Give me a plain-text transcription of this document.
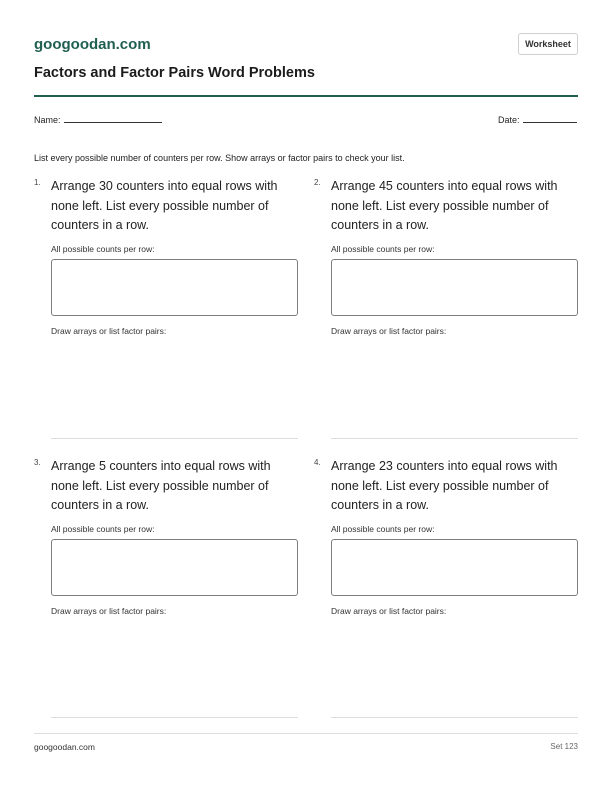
googoodan.com	Worksheet
Factors and Factor Pairs Word Problems
Name:	Date:
List every possible number of counters per row. Show arrays or factor pairs to check your list.
1. Arrange 30 counters into equal rows with none left. List every possible number of counters in a row.
All possible counts per row:
Draw arrays or list factor pairs:
2. Arrange 45 counters into equal rows with none left. List every possible number of counters in a row.
All possible counts per row:
Draw arrays or list factor pairs:
3. Arrange 5 counters into equal rows with none left. List every possible number of counters in a row.
All possible counts per row:
Draw arrays or list factor pairs:
4. Arrange 23 counters into equal rows with none left. List every possible number of counters in a row.
All possible counts per row:
Draw arrays or list factor pairs:
googoodan.com	Set 123
